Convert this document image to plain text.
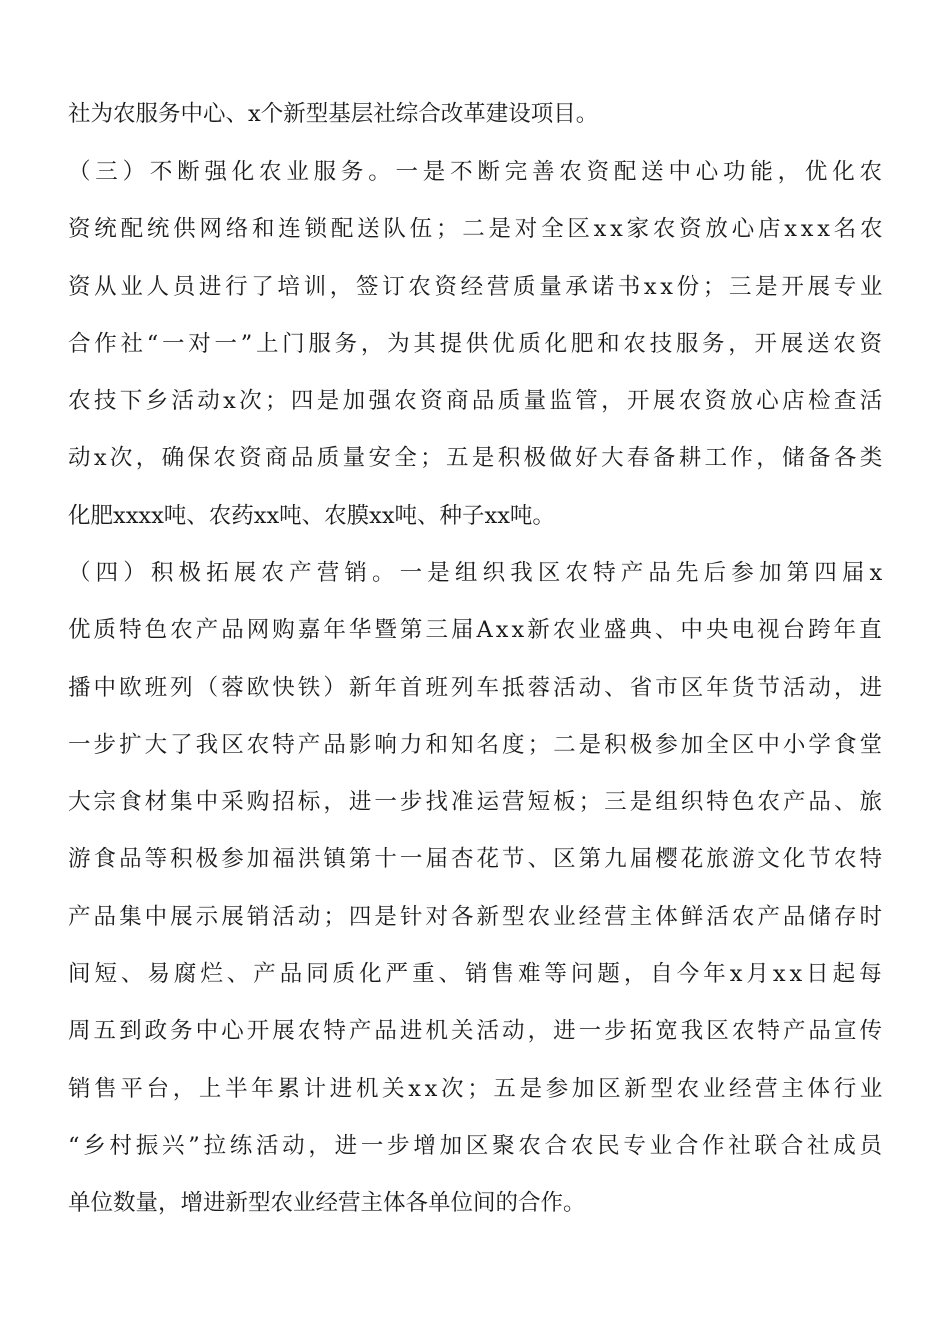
社为农服务中心、x个新型基层社综合改革建设项目。
（三）不断强化农业服务。一是不断完善农资配送中心功能，优化农
资统配统供网络和连锁配送队伍；二是对全区xx家农资放心店xxx名农
资从业人员进行了培训，签订农资经营质量承诺书xx份；三是开展专业
合作社“一对一”上门服务，为其提供优质化肥和农技服务，开展送农资
农技下乡活动x次；四是加强农资商品质量监管，开展农资放心店检查活
动x次，确保农资商品质量安全；五是积极做好大春备耕工作，储备各类
化肥xxxx吨、农药xx吨、农膜xx吨、种子xx吨。
（四）积极拓展农产营销。一是组织我区农特产品先后参加第四届x
优质特色农产品网购嘉年华暨第三届Axx新农业盛典、中央电视台跨年直
播中欧班列（蓉欧快铁）新年首班列车抵蓉活动、省市区年货节活动，进
一步扩大了我区农特产品影响力和知名度；二是积极参加全区中小学食堂
大宗食材集中采购招标，进一步找准运营短板；三是组织特色农产品、旅
游食品等积极参加福洪镇第十一届杏花节、区第九届樱花旅游文化节农特
产品集中展示展销活动；四是针对各新型农业经营主体鲜活农产品储存时
间短、易腐烂、产品同质化严重、销售难等问题，自今年x月xx日起每
周五到政务中心开展农特产品进机关活动，进一步拓宽我区农特产品宣传
销售平台，上半年累计进机关xx次；五是参加区新型农业经营主体行业
“乡村振兴”拉练活动，进一步增加区聚农合农民专业合作社联合社成员
单位数量，增进新型农业经营主体各单位间的合作。
